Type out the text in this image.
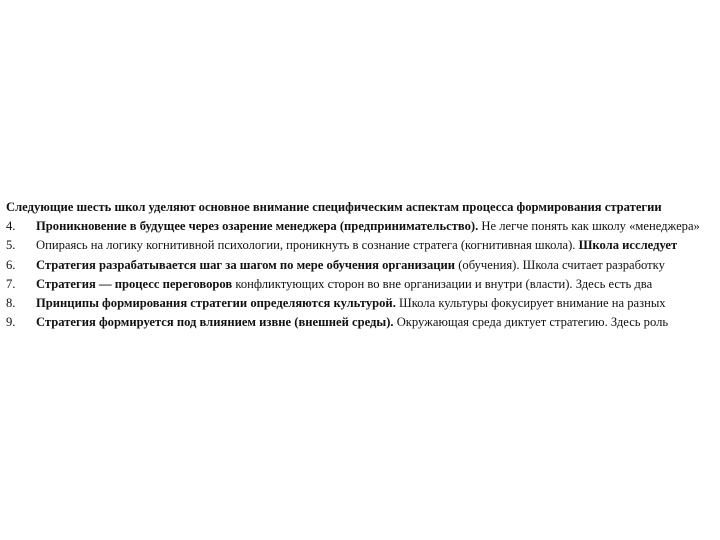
Следующие шесть школ уделяют основное внимание специфическим аспектам процесса формирования стратегии
4. Проникновение в будущее через озарение менеджера (предпринимательство). Не легче понять как школу «менеджера»
5. Опираясь на логику когнитивной психологии, проникнуть в сознание стратега (когнитивная школа). Школа исследует
6. Стратегия разрабатывается шаг за шагом по мере обучения организации (обучения). Школа считает разработку
7. Стратегия — процесс переговоров конфликтующих сторон во вне организации и внутри (власти). Здесь есть два
8. Принципы формирования стратегии определяются культурой. Школа культуры фокусирует внимание на разных
9. Стратегия формируется под влиянием извне (внешней среды). Окружающая среда диктует стратегию. Здесь роль
